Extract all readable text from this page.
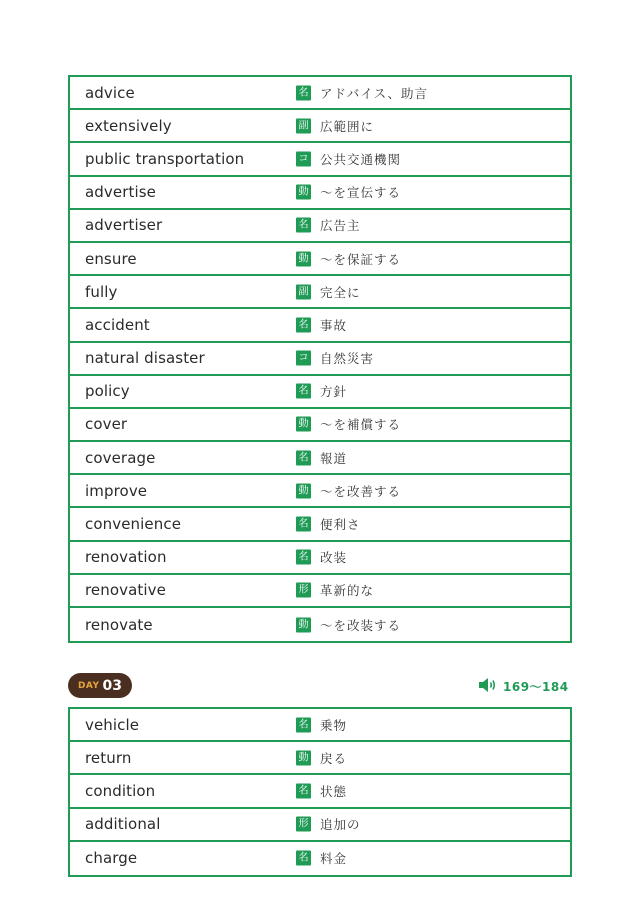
advice	名 アドバイス、助言
extensively	副 広範囲に
public transportation	コ 公共交通機関
advertise	動 ～を宣伝する
advertiser	名 広告主
ensure	動 ～を保証する
fully	副 完全に
accident	名 事故
natural disaster	コ 自然災害
policy	名 方針
cover	動 ～を補償する
coverage	名 報道
improve	動 ～を改善する
convenience	名 便利さ
renovation	名 改装
renovative	形 革新的な
renovate	動 ～を改装する
DAY 03	169～184
vehicle	名 乗物
return	動 戻る
condition	名 状態
additional	形 追加の
charge	名 料金
